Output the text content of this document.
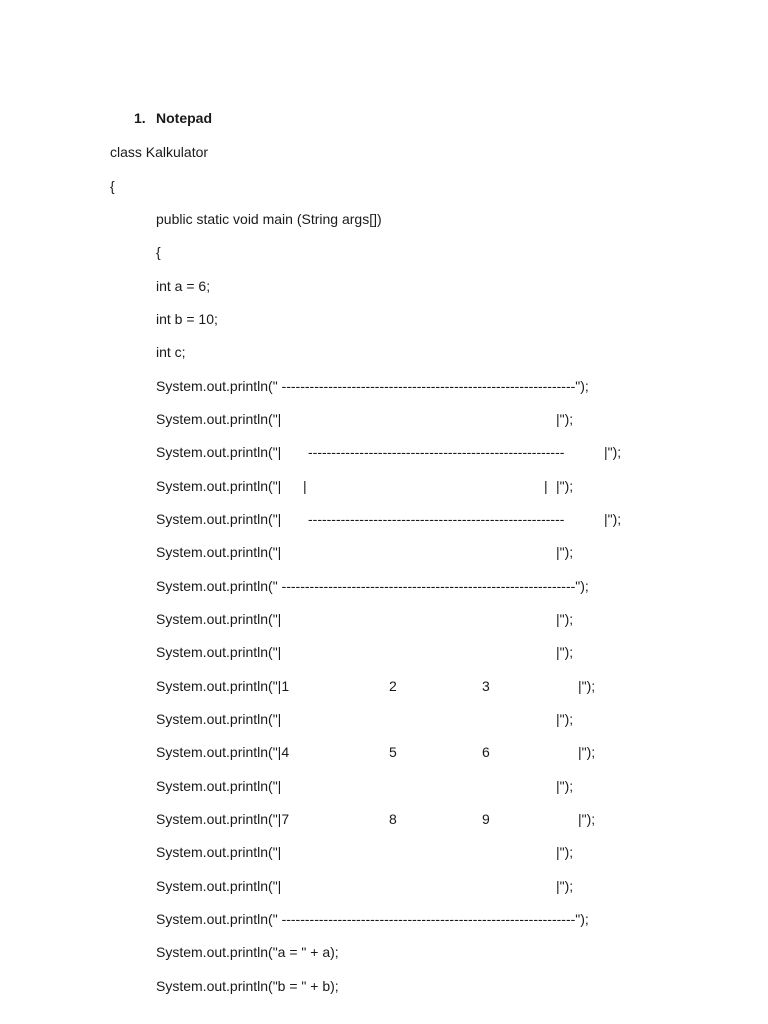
1. Notepad
class Kalkulator
{
public static void main (String args[])
{
int a = 6;
int b = 10;
int c;
System.out.println(" ---------------------------------------------------------------");
System.out.println("|	|");
System.out.println("| -------------------------------------------------------	|");
System.out.println("| |	| |");
System.out.println("| -------------------------------------------------------	|");
System.out.println("|	|");
System.out.println(" ---------------------------------------------------------------");
System.out.println("|	|");
System.out.println("|	|");
System.out.println("|1	2	3	|");
System.out.println("|	|");
System.out.println("|4	5	6	|");
System.out.println("|	|");
System.out.println("|7	8	9	|");
System.out.println("|	|");
System.out.println("|	|");
System.out.println(" ---------------------------------------------------------------");
System.out.println("a = " + a);
System.out.println("b = " + b);
